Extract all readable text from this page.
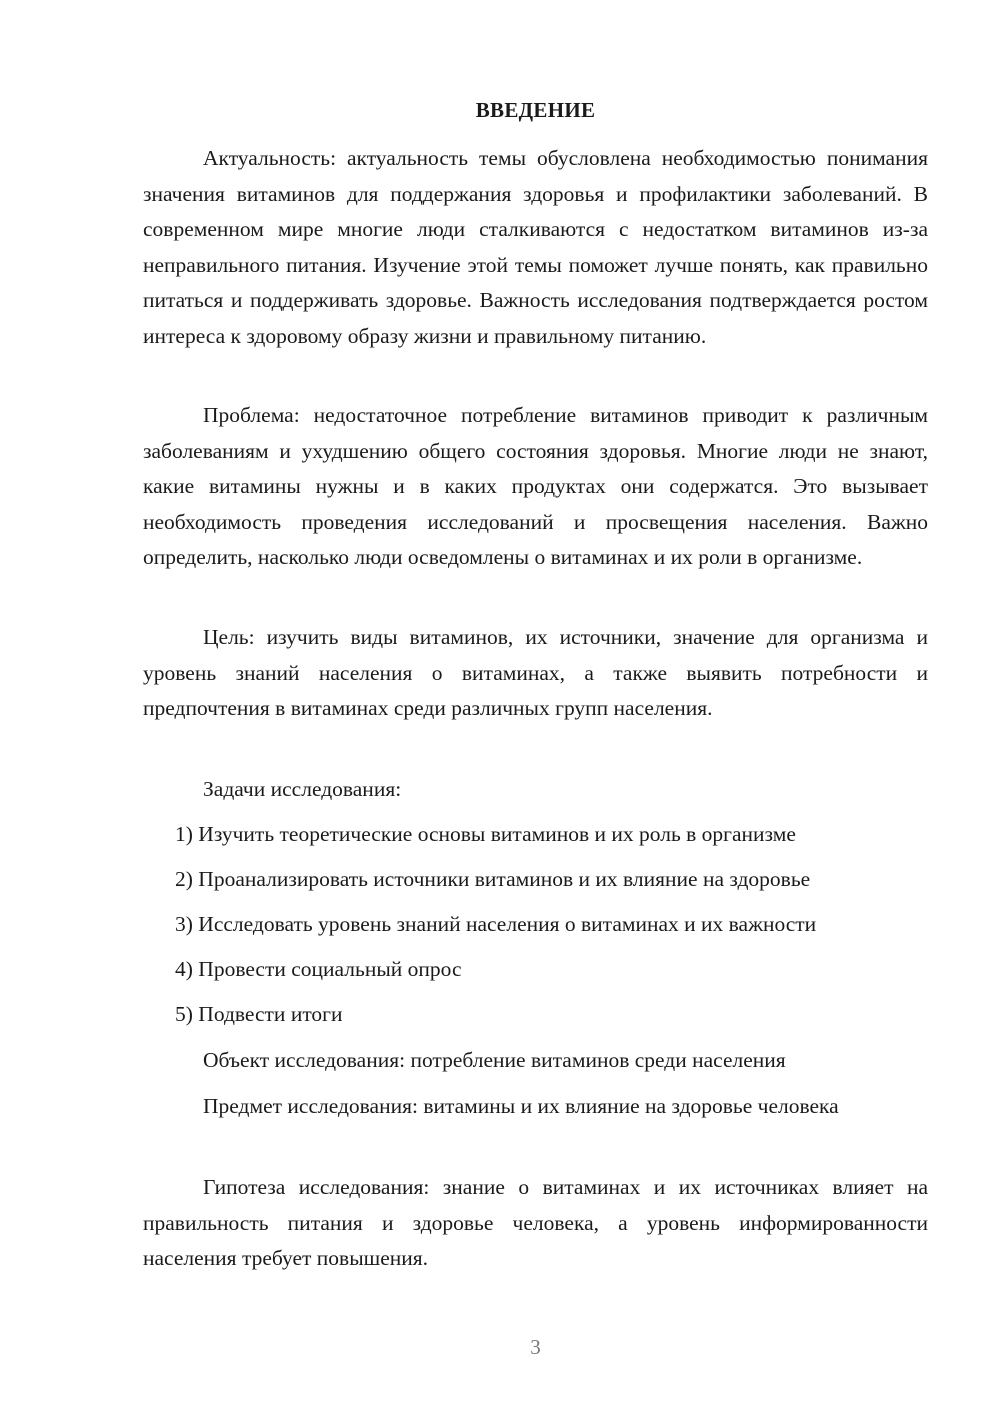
ВВЕДЕНИЕ

Актуальность: актуальность темы обусловлена необходимостью понимания значения витаминов для поддержания здоровья и профилактики заболеваний. В современном мире многие люди сталкиваются с недостатком витаминов из-за неправильного питания. Изучение этой темы поможет лучше понять, как правильно питаться и поддерживать здоровье. Важность исследования подтверждается ростом интереса к здоровому образу жизни и правильному питанию.

Проблема: недостаточное потребление витаминов приводит к различным заболеваниям и ухудшению общего состояния здоровья. Многие люди не знают, какие витамины нужны и в каких продуктах они содержатся. Это вызывает необходимость проведения исследований и просвещения населения. Важно определить, насколько люди осведомлены о витаминах и их роли в организме.

Цель: изучить виды витаминов, их источники, значение для организма и уровень знаний населения о витаминах, а также выявить потребности и предпочтения в витаминах среди различных групп населения.

Задачи исследования:

1) Изучить теоретические основы витаминов и их роль в организме
2) Проанализировать источники витаминов и их влияние на здоровье
3) Исследовать уровень знаний населения о витаминах и их важности
4) Провести социальный опрос
5) Подвести итоги

Объект исследования: потребление витаминов среди населения

Предмет исследования: витамины и их влияние на здоровье человека

Гипотеза исследования: знание о витаминах и их источниках влияет на правильность питания и здоровье человека, а уровень информированности населения требует повышения.

3
